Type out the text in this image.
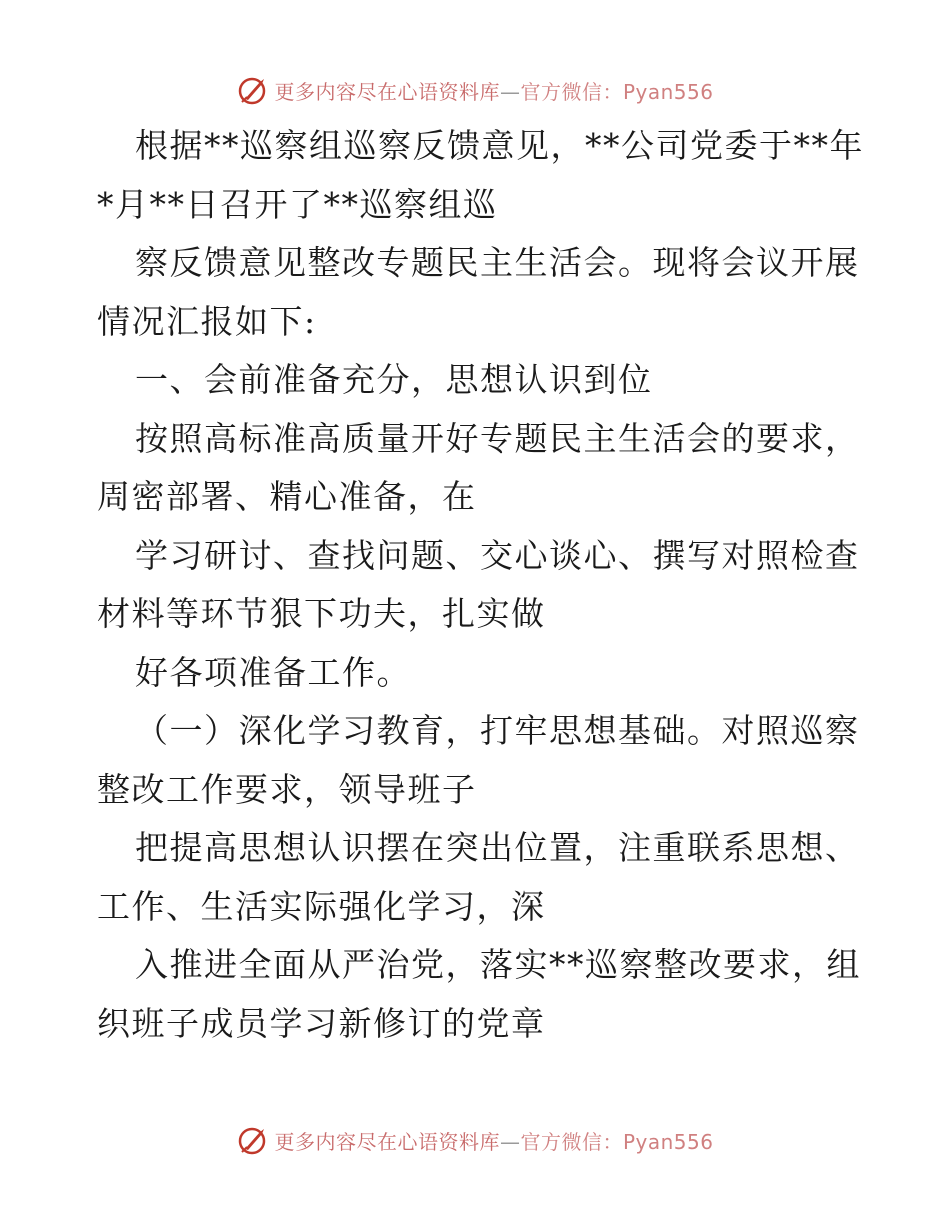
更多内容尽在心语资料库—官方微信：Pyan556

根据**巡察组巡察反馈意见，**公司党委于**年

*月**日召开了**巡察组巡

察反馈意见整改专题民主生活会。现将会议开展

情况汇报如下:

一、会前准备充分，思想认识到位

按照高标准高质量开好专题民主生活会的要求，

周密部署、精心准备，在

学习研讨、查找问题、交心谈心、撰写对照检查

材料等环节狠下功夫，扎实做

好各项准备工作。

（一）深化学习教育，打牢思想基础。对照巡察

整改工作要求，领导班子

把提高思想认识摆在突出位置，注重联系思想、

工作、生活实际强化学习，深

入推进全面从严治党，落实**巡察整改要求，组

织班子成员学习新修订的党章

更多内容尽在心语资料库—官方微信：Pyan556
